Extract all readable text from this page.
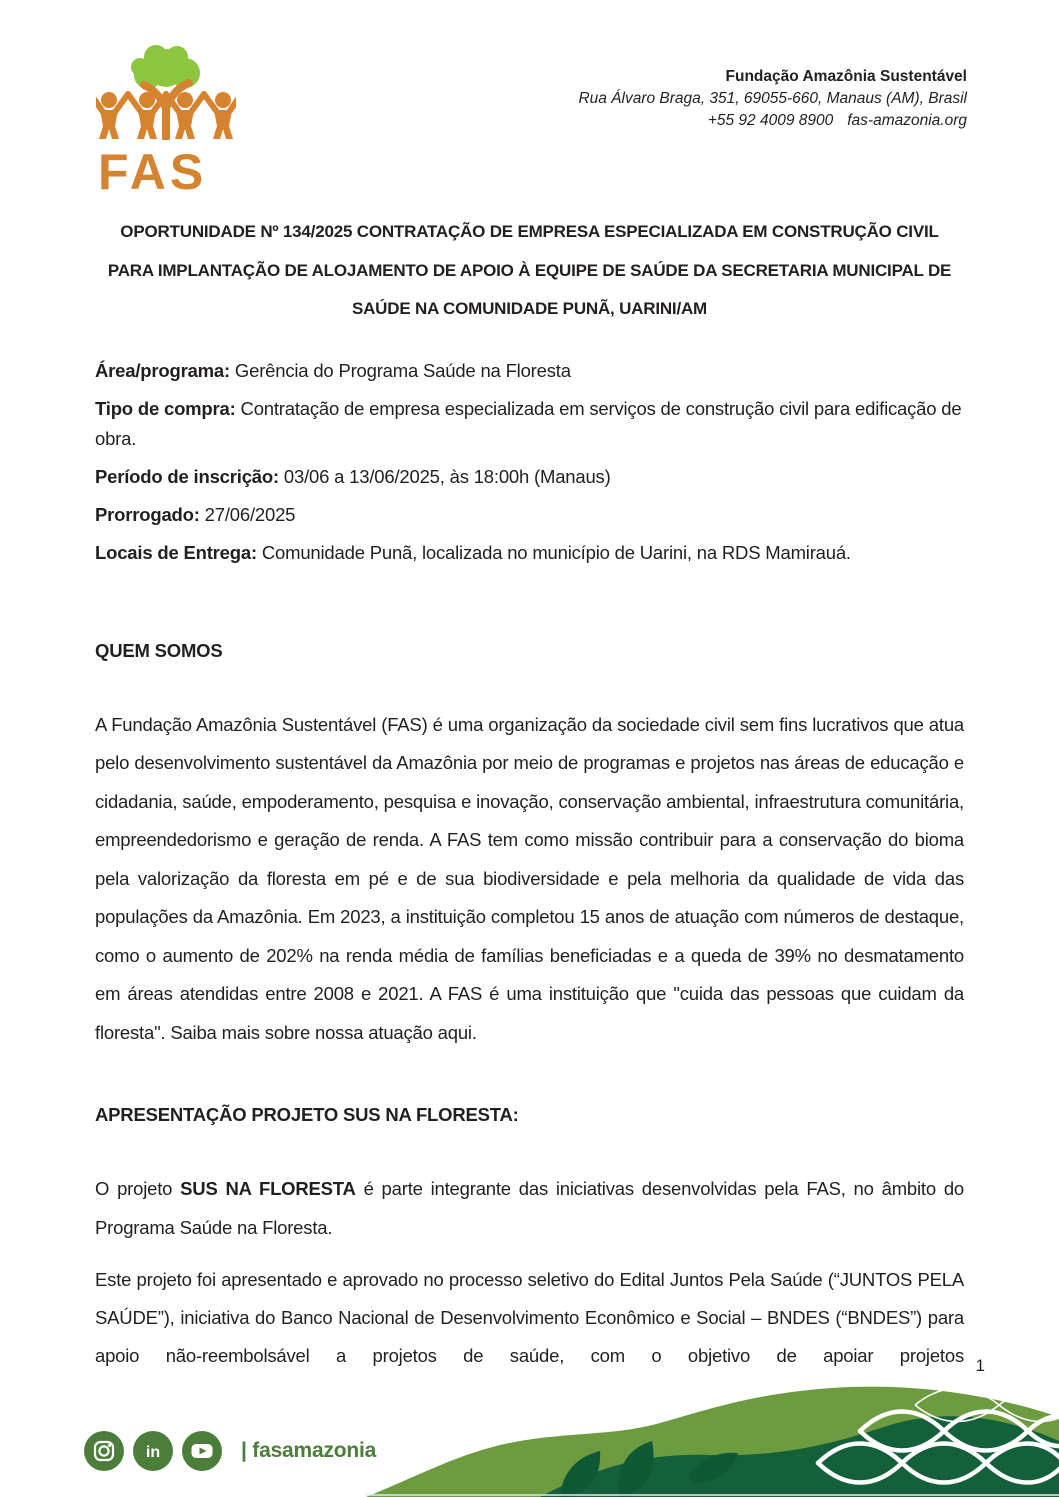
FAS
Fundação Amazônia Sustentável
Rua Álvaro Braga, 351, 69055-660, Manaus (AM), Brasil
+55 92 4009 8900 fas-amazonia.org
OPORTUNIDADE Nº 134/2025 CONTRATAÇÃO DE EMPRESA ESPECIALIZADA EM CONSTRUÇÃO CIVIL
PARA IMPLANTAÇÃO DE ALOJAMENTO DE APOIO À EQUIPE DE SAÚDE DA SECRETARIA MUNICIPAL DE
SAÚDE NA COMUNIDADE PUNÃ, UARINI/AM

Área/programa: Gerência do Programa Saúde na Floresta

Tipo de compra: Contratação de empresa especializada em serviços de construção civil para edificação de obra.

Período de inscrição: 03/06 a 13/06/2025, às 18:00h (Manaus)

Prorrogado: 27/06/2025

Locais de Entrega: Comunidade Punã, localizada no município de Uarini, na RDS Mamirauá.

QUEM SOMOS

A Fundação Amazônia Sustentável (FAS) é uma organização da sociedade civil sem fins lucrativos que atua pelo desenvolvimento sustentável da Amazônia por meio de programas e projetos nas áreas de educação e cidadania, saúde, empoderamento, pesquisa e inovação, conservação ambiental, infraestrutura comunitária, empreendedorismo e geração de renda. A FAS tem como missão contribuir para a conservação do bioma pela valorização da floresta em pé e de sua biodiversidade e pela melhoria da qualidade de vida das populações da Amazônia. Em 2023, a instituição completou 15 anos de atuação com números de destaque, como o aumento de 202% na renda média de famílias beneficiadas e a queda de 39% no desmatamento em áreas atendidas entre 2008 e 2021. A FAS é uma instituição que "cuida das pessoas que cuidam da floresta". Saiba mais sobre nossa atuação aqui.

APRESENTAÇÃO PROJETO SUS NA FLORESTA:

O projeto SUS NA FLORESTA é parte integrante das iniciativas desenvolvidas pela FAS, no âmbito do Programa Saúde na Floresta.

Este projeto foi apresentado e aprovado no processo seletivo do Edital Juntos Pela Saúde (“JUNTOS PELA SAÚDE”), iniciativa do Banco Nacional de Desenvolvimento Econômico e Social – BNDES (“BNDES”) para apoio não-reembolsável a projetos de saúde, com o objetivo de apoiar projetos 1
in	| fasamazonia
